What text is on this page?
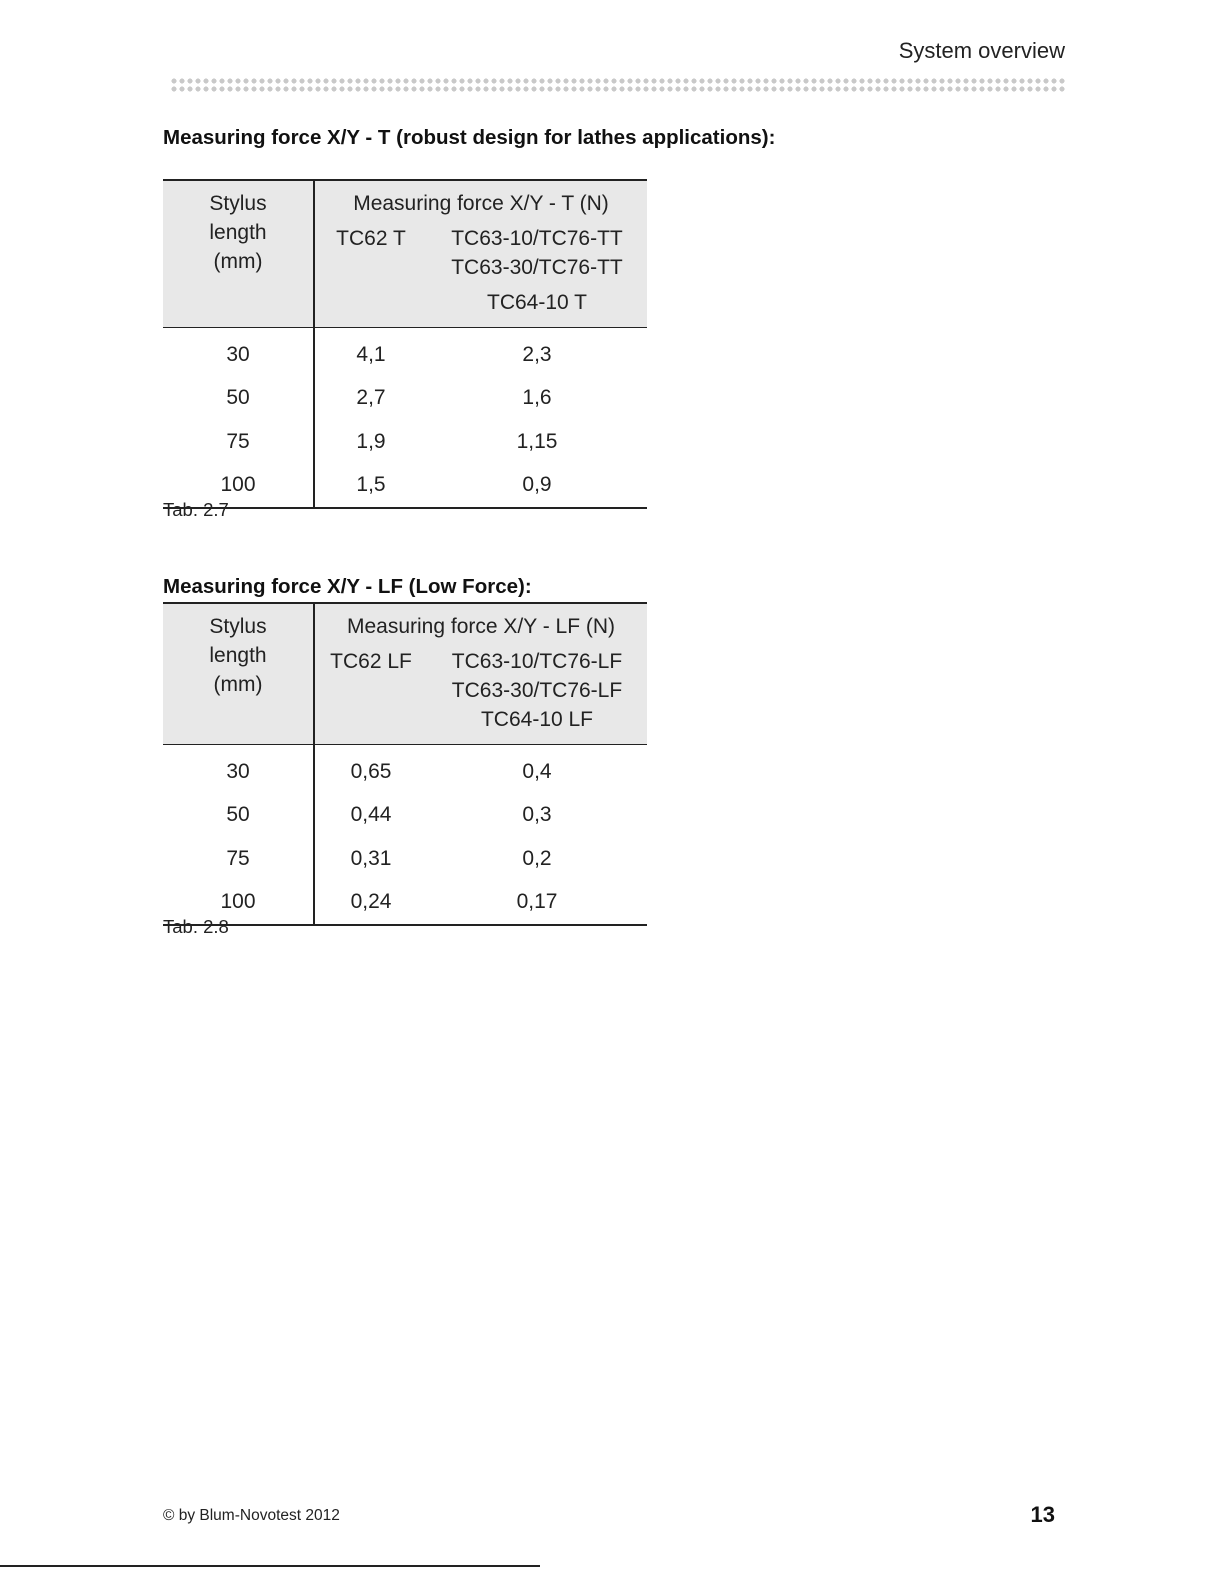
System overview
Measuring force X/Y - T (robust design for lathes applications):
Stylus
length
(mm)	Measuring force X/Y - T (N)	
	TC62 T	TC63-10/TC76-TT
TC63-30/TC76-TT
TC64-10 T

30	4,1	2,3
50	2,7	1,6
75	1,9	1,15
100	1,5	0,9
Tab. 2.7
Measuring force X/Y - LF (Low Force):
Stylus
length
(mm)	Measuring force X/Y - LF (N)	
	TC62 LF	TC63-10/TC76-LF
TC63-30/TC76-LF
TC64-10 LF
30	0,65	0,4
50	0,44	0,3
75	0,31	0,2
100	0,24	0,17
Tab. 2.8
© by Blum-Novotest 2012	13
